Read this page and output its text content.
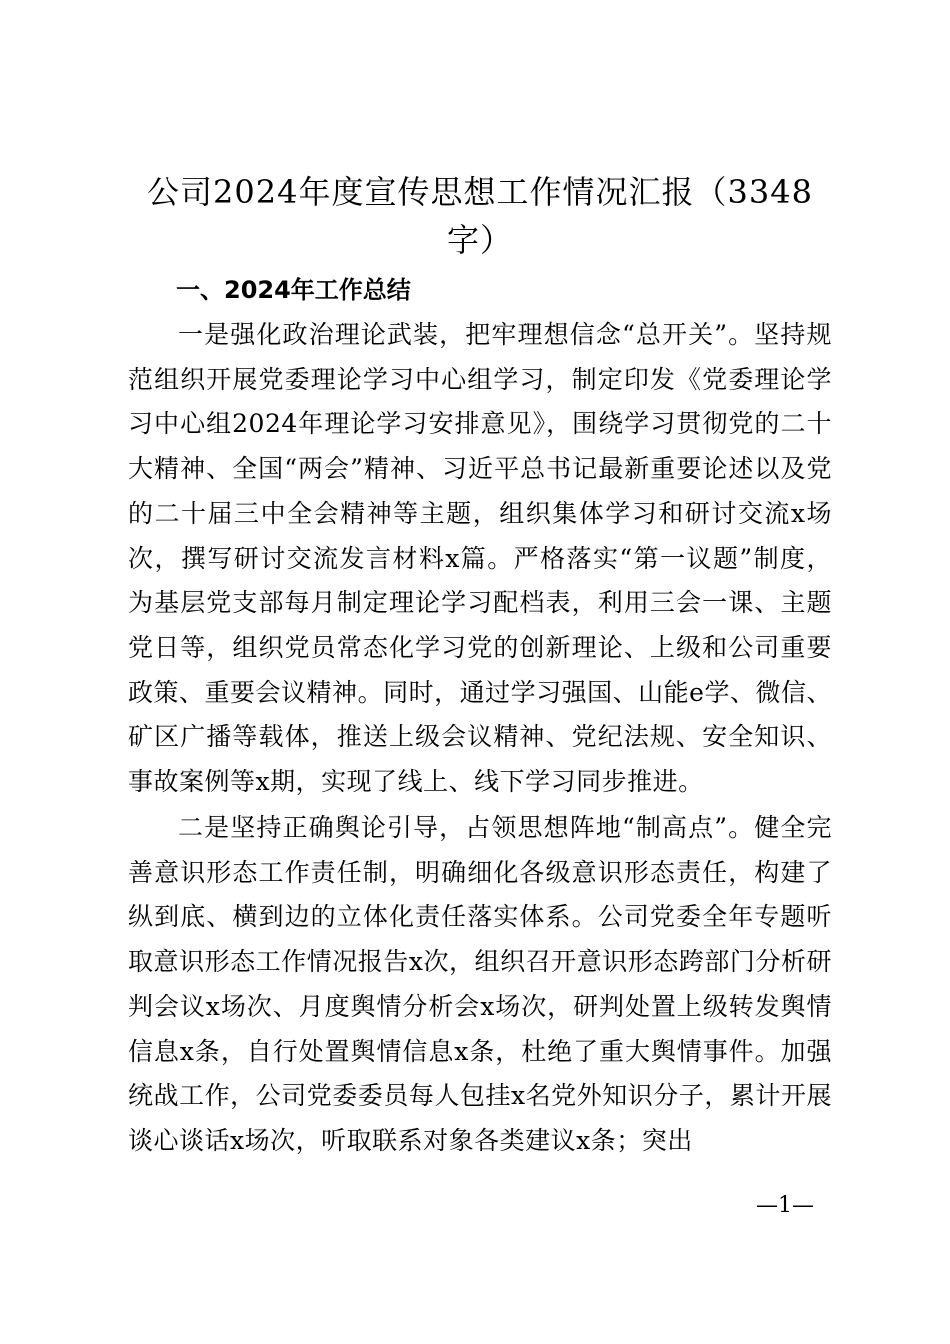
公司2024年度宣传思想工作情况汇报（3348字）
一、2024年工作总结

一是强化政治理论武装，把牢理想信念“总开关”。坚持规范组织开展党委理论学习中心组学习，制定印发《党委理论学习中心组2024年理论学习安排意见》，围绕学习贯彻党的二十大精神、全国“两会”精神、习近平总书记最新重要论述以及党的二十届三中全会精神等主题，组织集体学习和研讨交流x场次，撰写研讨交流发言材料x篇。严格落实“第一议题”制度，为基层党支部每月制定理论学习配档表，利用三会一课、主题党日等，组织党员常态化学习党的创新理论、上级和公司重要政策、重要会议精神。同时，通过学习强国、山能e学、微信、矿区广播等载体，推送上级会议精神、党纪法规、安全知识、事故案例等x期，实现了线上、线下学习同步推进。

二是坚持正确舆论引导，占领思想阵地“制高点”。健全完善意识形态工作责任制，明确细化各级意识形态责任，构建了纵到底、横到边的立体化责任落实体系。公司党委全年专题听取意识形态工作情况报告x次，组织召开意识形态跨部门分析研判会议x场次、月度舆情分析会x场次，研判处置上级转发舆情信息x条，自行处置舆情信息x条，杜绝了重大舆情事件。加强统战工作，公司党委委员每人包挂x名党外知识分子，累计开展谈心谈话x场次，听取联系对象各类建议x条；突出

—1—
